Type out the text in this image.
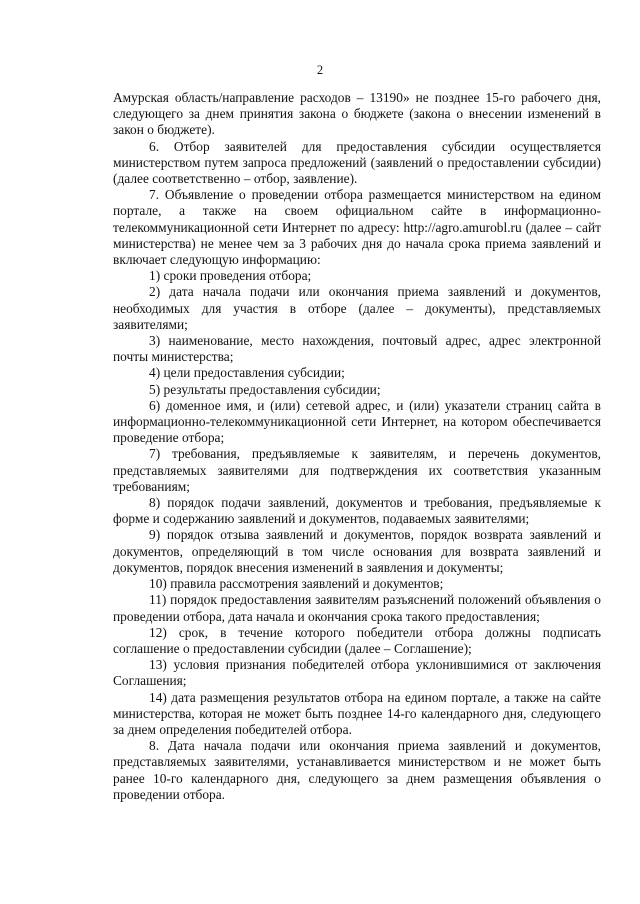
2

Амурская область/направление расходов – 13190» не позднее 15-го рабочего дня, следующего за днем принятия закона о бюджете (закона о внесении изменений в закон о бюджете).

6. Отбор заявителей для предоставления субсидии осуществляется министерством путем запроса предложений (заявлений о предоставлении субсидии) (далее соответственно – отбор, заявление).

7. Объявление о проведении отбора размещается министерством на едином портале, а также на своем официальном сайте в информационно-телекоммуникационной сети Интернет по адресу: http://agro.amurobl.ru (далее – сайт министерства) не менее чем за 3 рабочих дня до начала срока приема заявлений и включает следующую информацию:

1) сроки проведения отбора;

2) дата начала подачи или окончания приема заявлений и документов, необходимых для участия в отборе (далее – документы), представляемых заявителями;

3) наименование, место нахождения, почтовый адрес, адрес электронной почты министерства;

4) цели предоставления субсидии;

5) результаты предоставления субсидии;

6) доменное имя, и (или) сетевой адрес, и (или) указатели страниц сайта в информационно-телекоммуникационной сети Интернет, на котором обеспечивается проведение отбора;

7) требования, предъявляемые к заявителям, и перечень документов, представляемых заявителями для подтверждения их соответствия указанным требованиям;

8) порядок подачи заявлений, документов и требования, предъявляемые к форме и содержанию заявлений и документов, подаваемых заявителями;

9) порядок отзыва заявлений и документов, порядок возврата заявлений и документов, определяющий в том числе основания для возврата заявлений и документов, порядок внесения изменений в заявления и документы;

10) правила рассмотрения заявлений и документов;

11) порядок предоставления заявителям разъяснений положений объявления о проведении отбора, дата начала и окончания срока такого предоставления;

12) срок, в течение которого победители отбора должны подписать соглашение о предоставлении субсидии (далее – Соглашение);

13) условия признания победителей отбора уклонившимися от заключения Соглашения;

14) дата размещения результатов отбора на едином портале, а также на сайте министерства, которая не может быть позднее 14-го календарного дня, следующего за днем определения победителей отбора.

8. Дата начала подачи или окончания приема заявлений и документов, представляемых заявителями, устанавливается министерством и не может быть ранее 10-го календарного дня, следующего за днем размещения объявления о проведении отбора.
